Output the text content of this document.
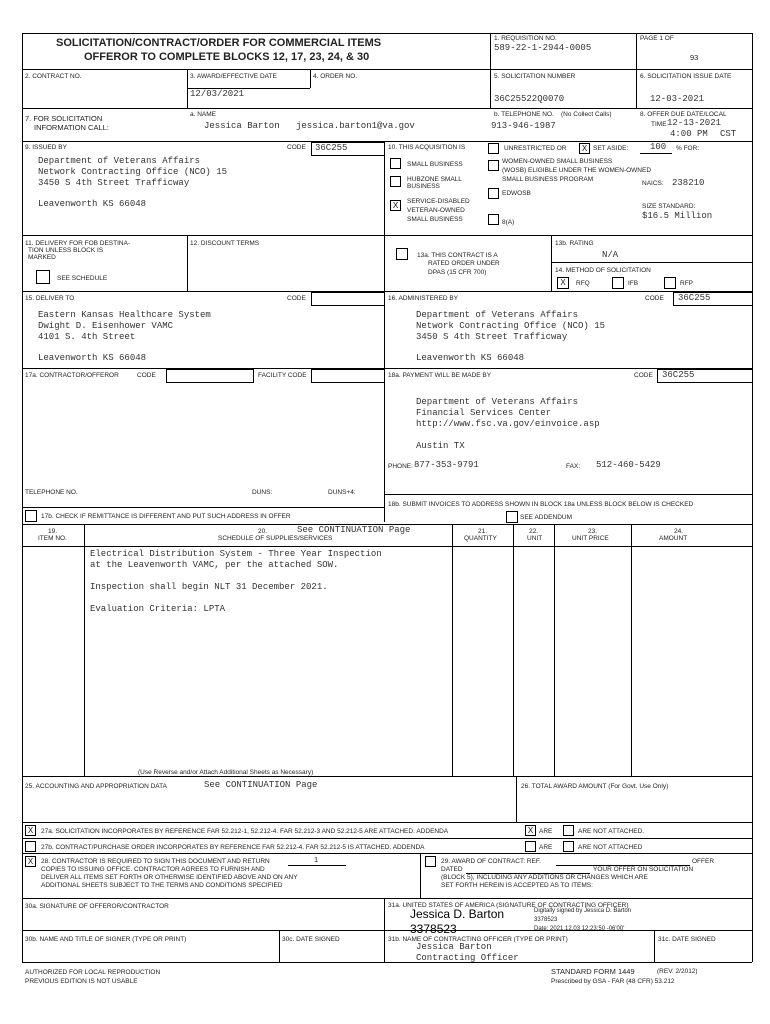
SOLICITATION/CONTRACT/ORDER FOR COMMERCIAL ITEMS
OFFEROR TO COMPLETE BLOCKS 12, 17, 23, 24, & 30
1. REQUISITION NO.
589-22-1-2944-0005
PAGE 1 OF
93
2. CONTRACT NO.	3. AWARD/EFFECTIVE DATE
12/03/2021
4. ORDER NO.	5. SOLICITATION NUMBER
36C25522Q0070
6. SOLICITATION ISSUE DATE
12-03-2021
7. FOR SOLICITATION
INFORMATION CALL:
a. NAME
Jessica Barton jessica.barton1@va.gov
b. TELEPHONE NO. (No Collect Calls)
913-946-1987
8. OFFER DUE DATE/LOCAL
TIME 12-13-2021
4:00 PM CST
9. ISSUED BY	CODE 36C255
Department of Veterans Affairs
Network Contracting Office (NCO) 15
3450 S 4th Street Trafficway
Leavenworth KS 66048
10. THIS ACQUISITION IS	UNRESTRICTED OR	X SET ASIDE: 100 % FOR:
SMALL BUSINESS
HUBZONE SMALL
BUSINESS
X	SERVICE-DISABLED
VETERAN-OWNED
SMALL BUSINESS
WOMEN-OWNED SMALL BUSINESS
(WOSB) ELIGIBLE UNDER THE WOMEN-OWNED
SMALL BUSINESS PROGRAM
NAICS: 238210
EDWOSB
8(A)
SIZE STANDARD:
$16.5 Million
11. DELIVERY FOR FOB DESTINA-
TION UNLESS BLOCK IS
MARKED
SEE SCHEDULE
12. DISCOUNT TERMS
13a. THIS CONTRACT IS A
RATED ORDER UNDER
DPAS (15 CFR 700)
13b. RATING
N/A
14. METHOD OF SOLICITATION
X	RFQ	IFB	RFP
15. DELIVER TO	CODE
Eastern Kansas Healthcare System
Dwight D. Eisenhower VAMC
4101 S. 4th Street
Leavenworth KS 66048
16. ADMINISTERED BY	CODE 36C255
Department of Veterans Affairs
Network Contracting Office (NCO) 15
3450 S 4th Street Trafficway
Leavenworth KS 66048
17a. CONTRACTOR/OFFEROR	CODE	FACILITY CODE
TELEPHONE NO.	DUNS:	DUNS+4:
17b. CHECK IF REMITTANCE IS DIFFERENT AND PUT SUCH ADDRESS IN OFFER
18a. PAYMENT WILL BE MADE BY	CODE 36C255
Department of Veterans Affairs
Financial Services Center
http://www.fsc.va.gov/einvoice.asp
Austin TX
PHONE: 877-353-9791	FAX: 512-460-5429
18b. SUBMIT INVOICES TO ADDRESS SHOWN IN BLOCK 18a UNLESS BLOCK BELOW IS CHECKED
SEE ADDENDUM
19.
ITEM NO.
20.	See CONTINUATION Page
SCHEDULE OF SUPPLIES/SERVICES
21.
QUANTITY
22.
UNIT
23.
UNIT PRICE
24.
AMOUNT
Electrical Distribution System - Three Year Inspection
at the Leavenworth VAMC, per the attached SOW.
Inspection shall begin NLT 31 December 2021.
Evaluation Criteria: LPTA
(Use Reverse and/or Attach Additional Sheets as Necessary)
25. ACCOUNTING AND APPROPRIATION DATA	See CONTINUATION Page	26. TOTAL AWARD AMOUNT (For Govt. Use Only)
X	27a. SOLICITATION INCORPORATES BY REFERENCE FAR 52.212-1, 52.212-4. FAR 52.212-3 AND 52.212-5 ARE ATTACHED. ADDENDA	X ARE	ARE NOT ATTACHED.
27b. CONTRACT/PURCHASE ORDER INCORPORATES BY REFERENCE FAR 52.212-4. FAR 52.212-5 IS ATTACHED. ADDENDA	ARE	ARE NOT ATTACHED
X	28. CONTRACTOR IS REQUIRED TO SIGN THIS DOCUMENT AND RETURN	1
COPIES TO ISSUING OFFICE. CONTRACTOR AGREES TO FURNISH AND
DELIVER ALL ITEMS SET FORTH OR OTHERWISE IDENTIFIED ABOVE AND ON ANY
ADDITIONAL SHEETS SUBJECT TO THE TERMS AND CONDITIONS SPECIFIED
29. AWARD OF CONTRACT: REF.	OFFER
DATED	YOUR OFFER ON SOLICITATION
(BLOCK 5), INCLUDING ANY ADDITIONS OR CHANGES WHICH ARE
SET FORTH HEREIN IS ACCEPTED AS TO ITEMS:
30a. SIGNATURE OF OFFEROR/CONTRACTOR	31a. UNITED STATES OF AMERICA (SIGNATURE OF CONTRACTING OFFICER)
Jessica D. Barton
3378523
Digitally signed by Jessica D. Barton
3378523
Date: 2021.12.03 12:23:50 -06'00'
30b. NAME AND TITLE OF SIGNER (TYPE OR PRINT)	30c. DATE SIGNED	31b. NAME OF CONTRACTING OFFICER (TYPE OR PRINT)	31c. DATE SIGNED
Jessica Barton
Contracting Officer
AUTHORIZED FOR LOCAL REPRODUCTION
PREVIOUS EDITION IS NOT USABLE
STANDARD FORM 1449	(REV. 2/2012)
Prescribed by GSA - FAR (48 CFR) 53.212
